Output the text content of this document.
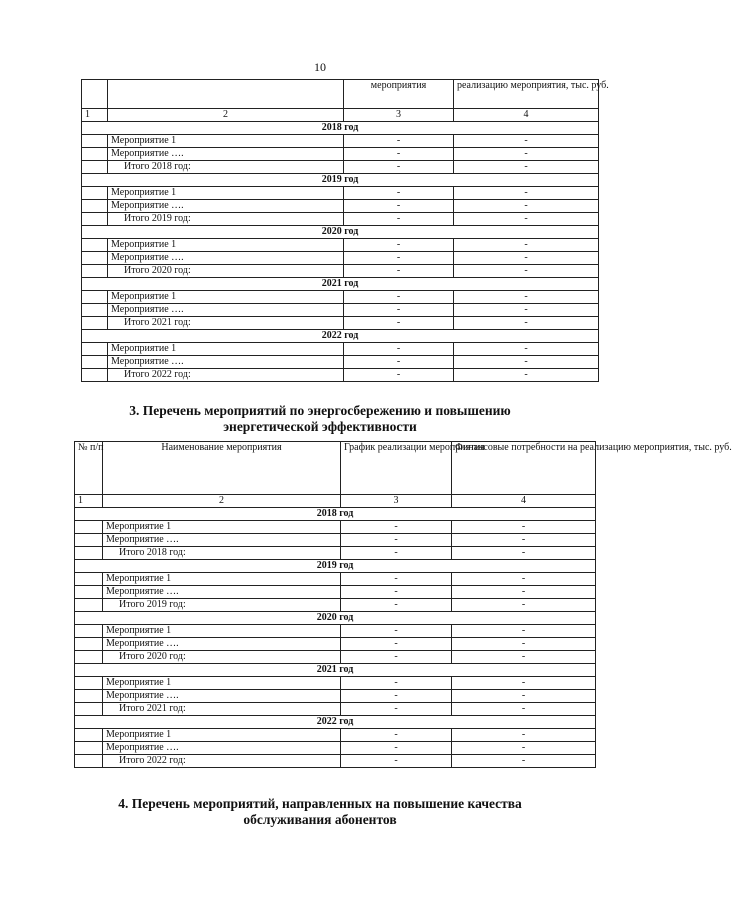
10
		мероприятия	реализацию мероприятия, тыс. руб.
1	2	3	4
2018 год			
	Мероприятие 1	-	-
	Мероприятие ….	-	-
	Итого 2018 год:	-	-
2019 год			
	Мероприятие 1	-	-
	Мероприятие ….	-	-
	Итого 2019 год:	-	-
2020 год			
	Мероприятие 1	-	-
	Мероприятие ….	-	-
	Итого 2020 год:	-	-
2021 год			
	Мероприятие 1	-	-
	Мероприятие ….	-	-
	Итого 2021 год:	-	-
2022 год			
	Мероприятие 1	-	-
	Мероприятие ….	-	-
	Итого 2022 год:	-	-
3. Перечень мероприятий по энергосбережению и повышению энергетической эффективности
№ п/п	Наименование мероприятия	График реализации мероприятия	Финансовые потребности на реализацию мероприятия, тыс. руб.
1	2	3	4
2018 год			
	Мероприятие 1	-	-
	Мероприятие ….	-	-
	Итого 2018 год:	-	-
2019 год			
	Мероприятие 1	-	-
	Мероприятие ….	-	-
	Итого 2019 год:	-	-
2020 год			
	Мероприятие 1	-	-
	Мероприятие ….	-	-
	Итого 2020 год:	-	-
2021 год			
	Мероприятие 1	-	-
	Мероприятие ….	-	-
	Итого 2021 год:	-	-
2022 год			
	Мероприятие 1	-	-
	Мероприятие ….	-	-
	Итого 2022 год:	-	-
4. Перечень мероприятий, направленных на повышение качества обслуживания абонентов
